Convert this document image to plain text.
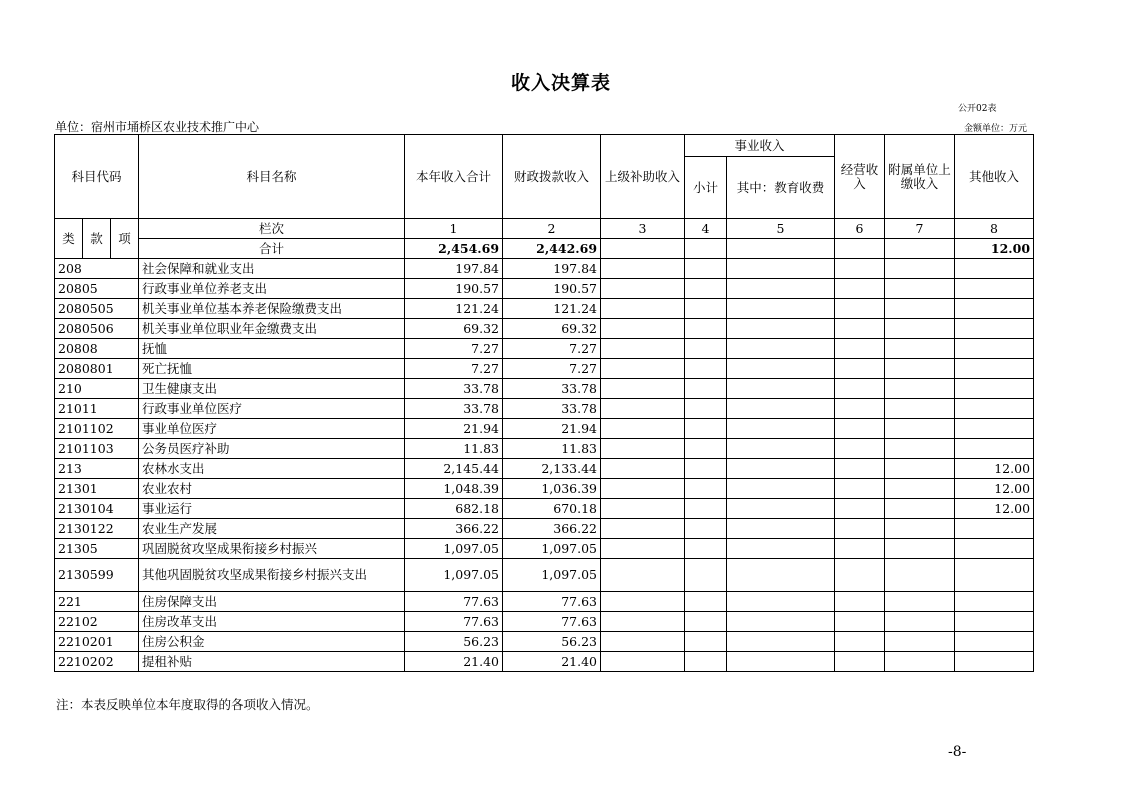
收入决算表
公开02表
单位：宿州市埇桥区农业技术推广中心	金额单位：万元
科目代码			科目名称	本年收入合计	财政拨款收入	上级补助收入	事业收入		经营收入	附属单位上缴收入	其他收入
							小计	其中：教育收费			
类	款	项	栏次	1	2	3	4	5	6	7	8
			合计	2,454.69	2,442.69						12.00
208			社会保障和就业支出	197.84	197.84						
20805			行政事业单位养老支出	190.57	190.57						
2080505			机关事业单位基本养老保险缴费支出	121.24	121.24						
2080506			机关事业单位职业年金缴费支出	69.32	69.32						
20808			抚恤	7.27	7.27						
2080801			死亡抚恤	7.27	7.27						
210			卫生健康支出	33.78	33.78						
21011			行政事业单位医疗	33.78	33.78						
2101102			事业单位医疗	21.94	21.94						
2101103			公务员医疗补助	11.83	11.83						
213			农林水支出	2,145.44	2,133.44						12.00
21301			农业农村	1,048.39	1,036.39						12.00
2130104			事业运行	682.18	670.18						12.00
2130122			农业生产发展	366.22	366.22						
21305			巩固脱贫攻坚成果衔接乡村振兴	1,097.05	1,097.05						
2130599			其他巩固脱贫攻坚成果衔接乡村振兴支出	1,097.05	1,097.05						
221			住房保障支出	77.63	77.63						
22102			住房改革支出	77.63	77.63						
2210201			住房公积金	56.23	56.23						
2210202			提租补贴	21.40	21.40						
注：本表反映单位本年度取得的各项收入情况。
-8-
